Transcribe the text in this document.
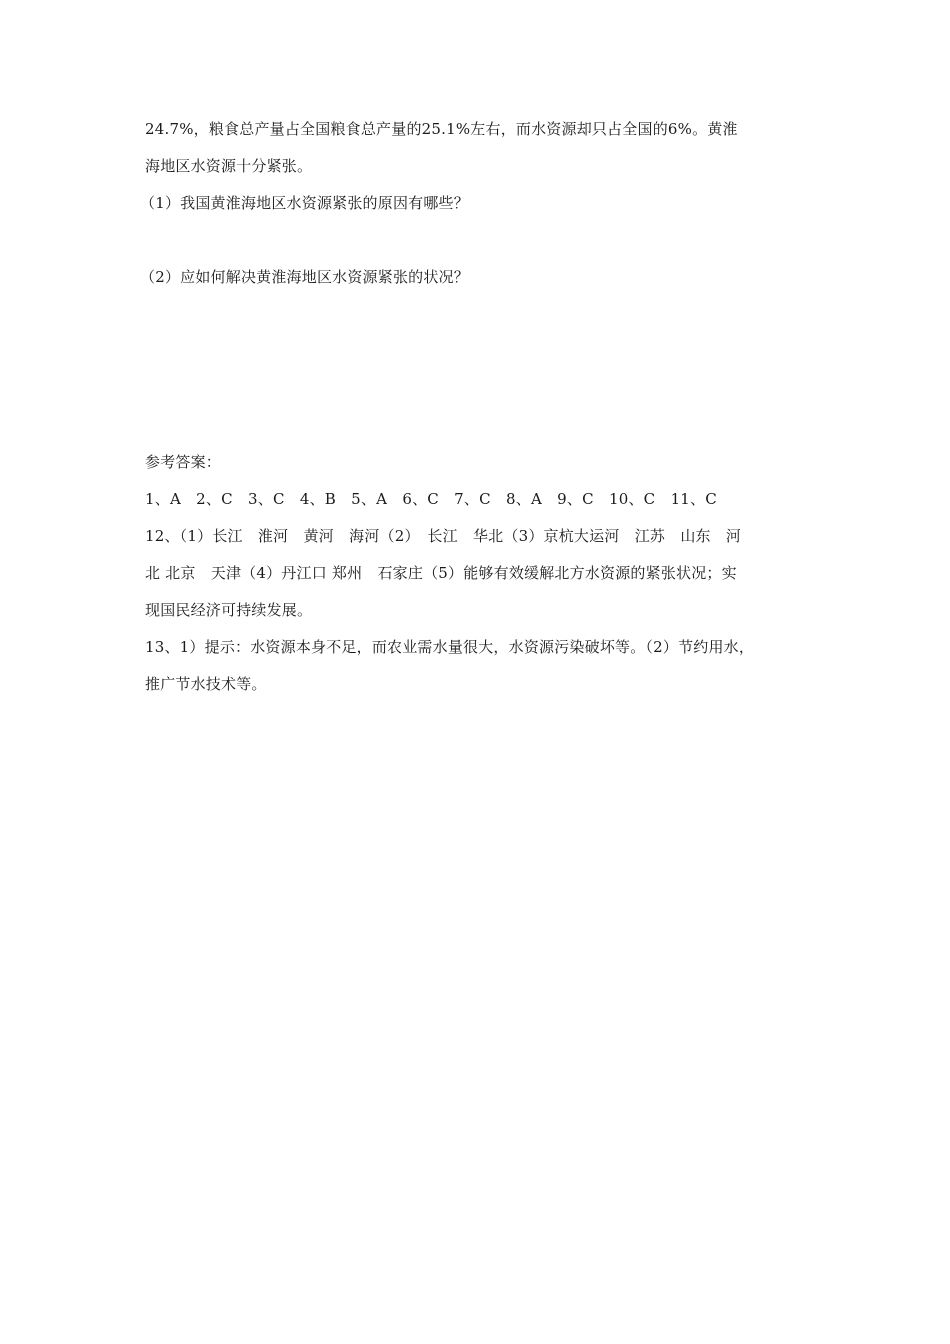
24.7%，粮食总产量占全国粮食总产量的25.1%左右，而水资源却只占全国的6%。黄淮
海地区水资源十分紧张。
（1）我国黄淮海地区水资源紧张的原因有哪些？
（2）应如何解决黄淮海地区水资源紧张的状况？
参考答案：
1、A　2、C　3、C　4、B　5、A　6、C　7、C　8、A　9、C　10、C　11、C
12、（1）长江　淮河　黄河　海河（2）　长江　华北（3）京杭大运河　江苏　山东　河
北 北京　天津（4）丹江口 郑州　石家庄（5）能够有效缓解北方水资源的紧张状况；实
现国民经济可持续发展。
13、1）提示：水资源本身不足，而农业需水量很大，水资源污染破坏等。（2）节约用水，
推广节水技术等。
